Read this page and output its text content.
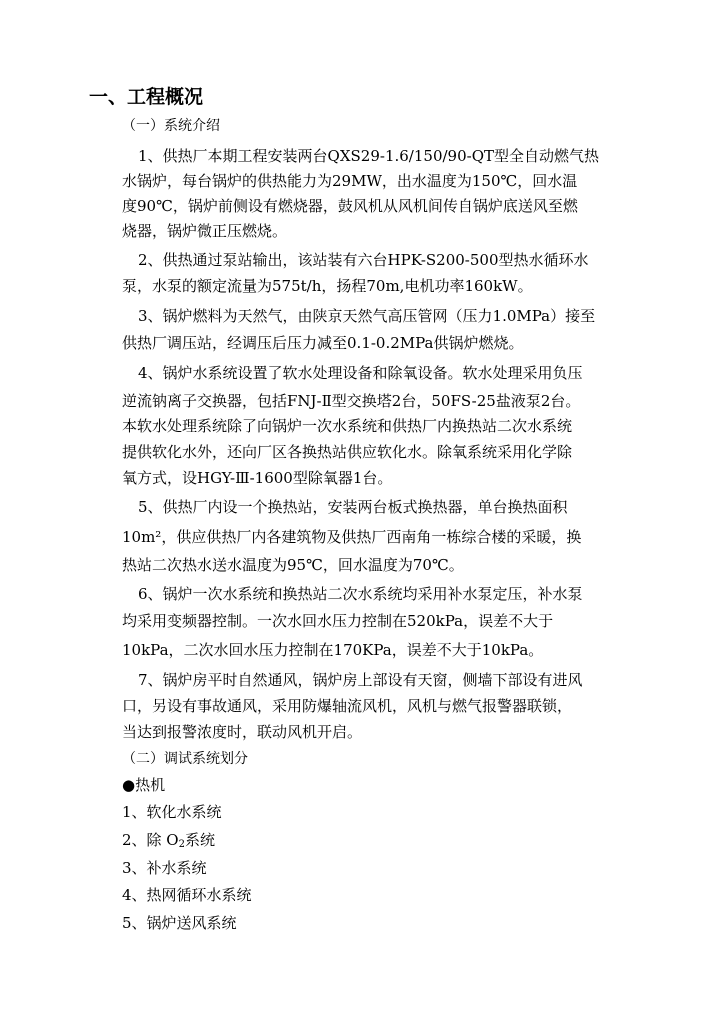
一、工程概况
（一）系统介绍
1、供热厂本期工程安装两台QXS29-1.6/150/90-QT型全自动燃气热
水锅炉，每台锅炉的供热能力为29MW，出水温度为150℃，回水温
度90℃，锅炉前侧设有燃烧器，鼓风机从风机间传自锅炉底送风至燃
烧器，锅炉微正压燃烧。
2、供热通过泵站输出，该站装有六台HPK-S200-500型热水循环水
泵，水泵的额定流量为575t/h，扬程70m,电机功率160kW。
3、锅炉燃料为天然气，由陕京天然气高压管网（压力1.0MPa）接至
供热厂调压站，经调压后压力减至0.1-0.2MPa供锅炉燃烧。
4、锅炉水系统设置了软水处理设备和除氧设备。软水处理采用负压
逆流钠离子交换器，包括FNJ-Ⅱ型交换塔2台，50FS-25盐液泵2台。
本软水处理系统除了向锅炉一次水系统和供热厂内换热站二次水系统
提供软化水外，还向厂区各换热站供应软化水。除氧系统采用化学除
氧方式，设HGY-Ⅲ-1600型除氧器1台。
5、供热厂内设一个换热站，安装两台板式换热器，单台换热面积
10m²，供应供热厂内各建筑物及供热厂西南角一栋综合楼的采暖，换
热站二次热水送水温度为95℃，回水温度为70℃。
6、锅炉一次水系统和换热站二次水系统均采用补水泵定压，补水泵
均采用变频器控制。一次水回水压力控制在520kPa，误差不大于
10kPa，二次水回水压力控制在170KPa，误差不大于10kPa。
7、锅炉房平时自然通风，锅炉房上部设有天窗，侧墙下部设有进风
口，另设有事故通风，采用防爆轴流风机，风机与燃气报警器联锁，
当达到报警浓度时，联动风机开启。
（二）调试系统划分
●热机
1、软化水系统
2、除 $O_2$系统
3、补水系统
4、热网循环水系统
5、锅炉送风系统
